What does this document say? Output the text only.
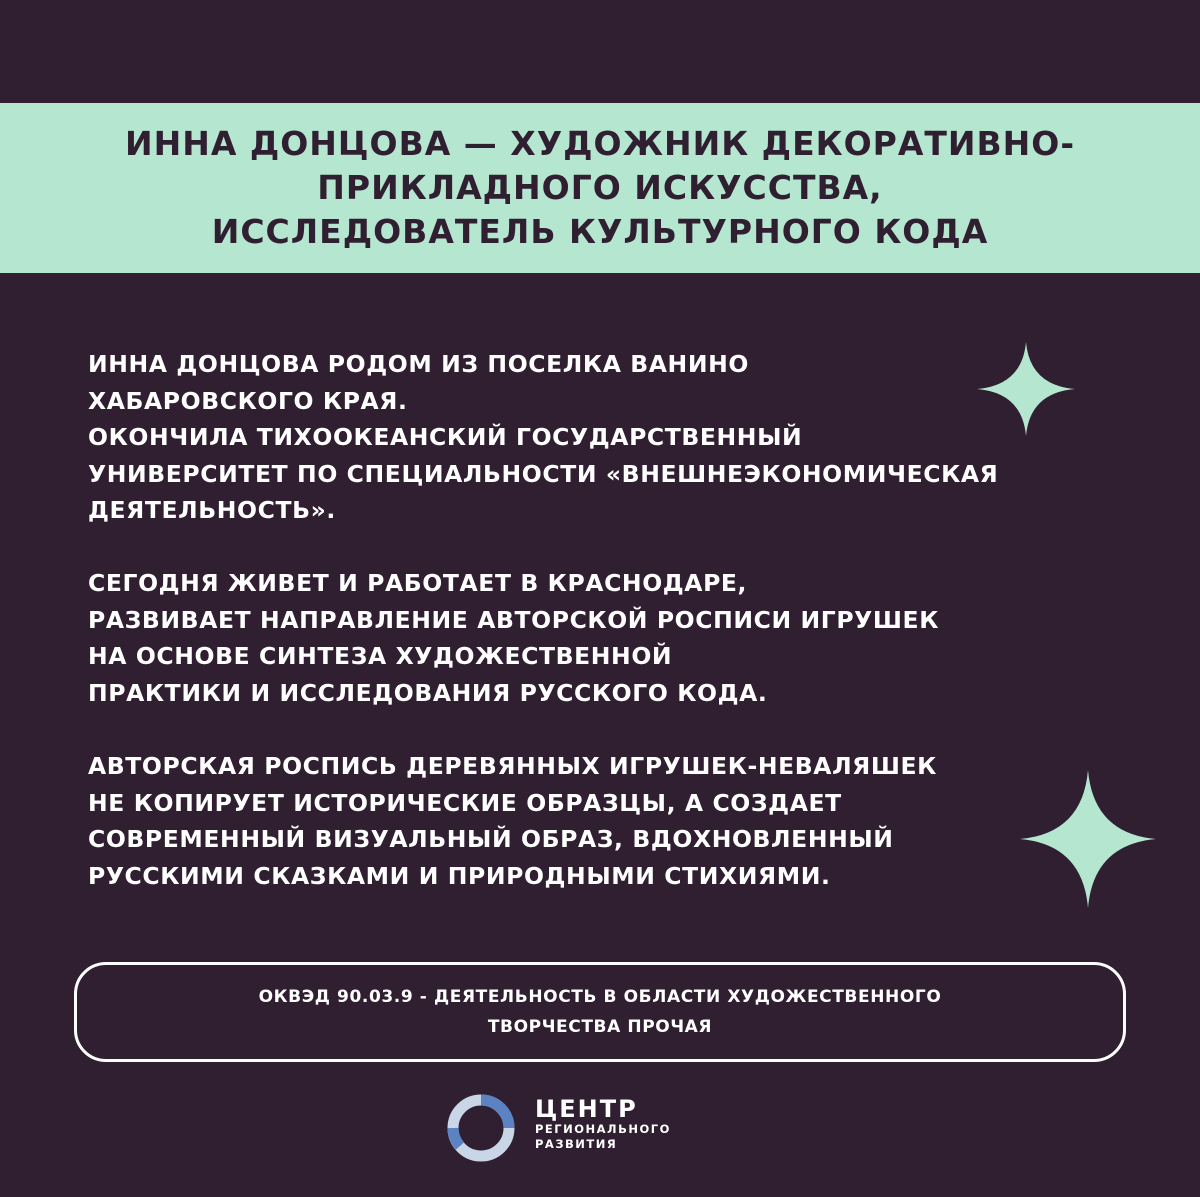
ИННА ДОНЦОВА — ХУДОЖНИК ДЕКОРАТИВНО-
ПРИКЛАДНОГО ИСКУССТВА,
ИССЛЕДОВАТЕЛЬ КУЛЬТУРНОГО КОДА
ИННА ДОНЦОВА РОДОМ ИЗ ПОСЕЛКА ВАНИНО
ХАБАРОВСКОГО КРАЯ.
ОКОНЧИЛА ТИХООКЕАНСКИЙ ГОСУДАРСТВЕННЫЙ
УНИВЕРСИТЕТ ПО СПЕЦИАЛЬНОСТИ «ВНЕШНЕЭКОНОМИЧЕСКАЯ
ДЕЯТЕЛЬНОСТЬ».
СЕГОДНЯ ЖИВЕТ И РАБОТАЕТ В КРАСНОДАРЕ,
РАЗВИВАЕТ НАПРАВЛЕНИЕ АВТОРСКОЙ РОСПИСИ ИГРУШЕК
НА ОСНОВЕ СИНТЕЗА ХУДОЖЕСТВЕННОЙ
ПРАКТИКИ И ИССЛЕДОВАНИЯ РУССКОГО КОДА.
АВТОРСКАЯ РОСПИСЬ ДЕРЕВЯННЫХ ИГРУШЕК-НЕВАЛЯШЕК
НЕ КОПИРУЕТ ИСТОРИЧЕСКИЕ ОБРАЗЦЫ, А СОЗДАЕТ
СОВРЕМЕННЫЙ ВИЗУАЛЬНЫЙ ОБРАЗ, ВДОХНОВЛЕННЫЙ
РУССКИМИ СКАЗКАМИ И ПРИРОДНЫМИ СТИХИЯМИ.
ОКВЭД 90.03.9 - ДЕЯТЕЛЬНОСТЬ В ОБЛАСТИ ХУДОЖЕСТВЕННОГО
ТВОРЧЕСТВА ПРОЧАЯ
ЦЕНТР
РЕГИОНАЛЬНОГО
РАЗВИТИЯ
